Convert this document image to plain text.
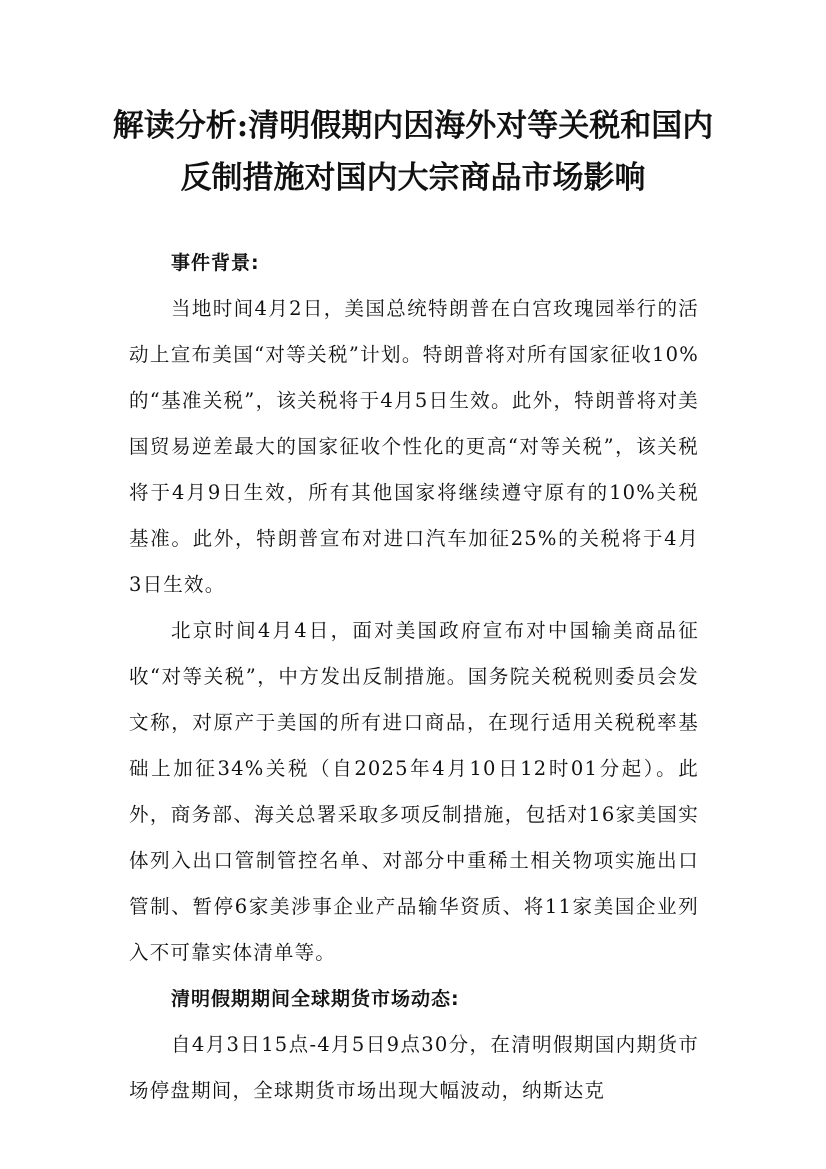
解读分析:清明假期内因海外对等关税和国内反制措施对国内大宗商品市场影响

事件背景:

当地时间4月2日，美国总统特朗普在白宫玫瑰园举行的活动上宣布美国“对等关税”计划。特朗普将对所有国家征收10%的“基准关税”，该关税将于4月5日生效。此外，特朗普将对美国贸易逆差最大的国家征收个性化的更高“对等关税”，该关税将于4月9日生效，所有其他国家将继续遵守原有的10%关税基准。此外，特朗普宣布对进口汽车加征25%的关税将于4月3日生效。

北京时间4月4日，面对美国政府宣布对中国输美商品征收“对等关税”，中方发出反制措施。国务院关税税则委员会发文称，对原产于美国的所有进口商品，在现行适用关税税率基础上加征34%关税（自2025年4月10日12时01分起）。此外，商务部、海关总署采取多项反制措施，包括对16家美国实体列入出口管制管控名单、对部分中重稀土相关物项实施出口管制、暂停6家美涉事企业产品输华资质、将11家美国企业列入不可靠实体清单等。

清明假期期间全球期货市场动态:

自4月3日15点-4月5日9点30分，在清明假期国内期货市场停盘期间，全球期货市场出现大幅波动，纳斯达克
